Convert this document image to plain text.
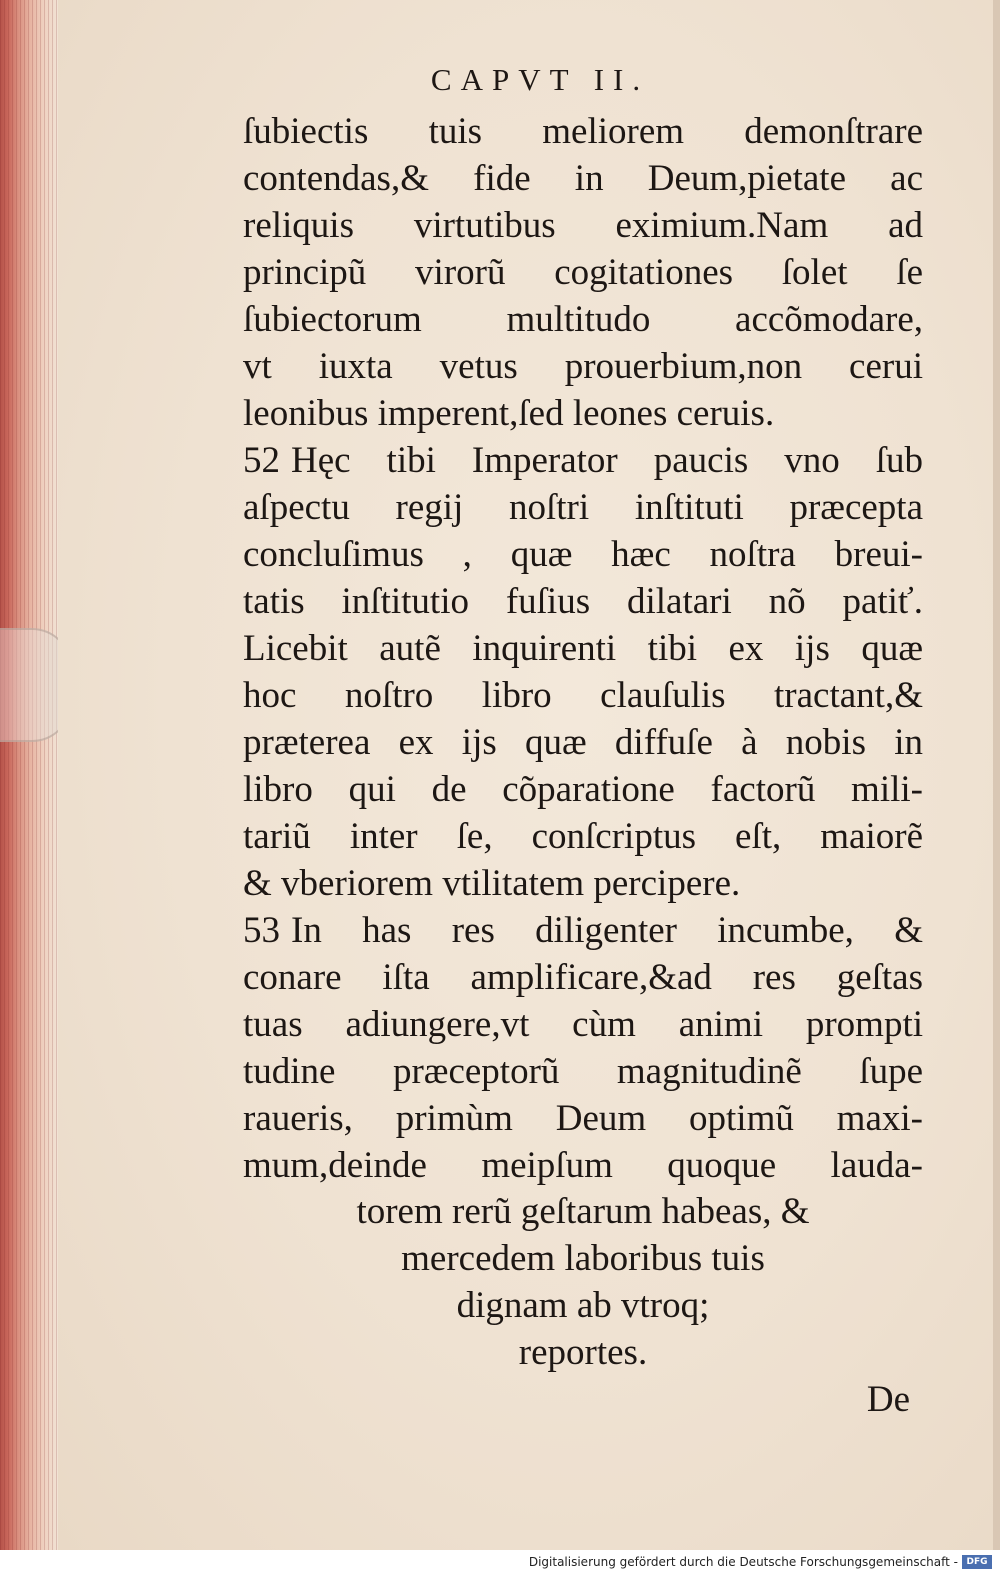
CAPVT II.
ſubiectis tuis meliorem demonſtrare
contendas,& fide in Deum,pietate ac
reliquis virtutibus eximium.Nam ad
principũ virorũ cogitationes ſolet ſe
ſubiectorum multitudo accõmodare,
vt iuxta vetus prouerbium,non cerui
leonibus imperent,ſed leones ceruis.
52 Hęc tibi Imperator paucis vno ſub
aſpectu regij noſtri inſtituti præcepta
concluſimus , quæ hæc noſtra breui-
tatis inſtitutio fuſius dilatari nõ patiť.
Licebit autẽ inquirenti tibi ex ijs quæ
hoc noſtro libro clauſulis tractant,&
præterea ex ijs quæ diffuſe à nobis in
libro qui de cõparatione factorũ mili-
tariũ inter ſe, conſcriptus eſt, maiorẽ
& vberiorem vtilitatem percipere.
53 In has res diligenter incumbe, &
conare iſta amplificare,&ad res geſtas
tuas adiungere,vt cùm animi prompti
tudine præceptorũ magnitudinẽ ſupe
raueris, primùm Deum optimũ maxi-
mum,deinde meipſum quoque lauda-
torem rerũ geſtarum habeas, &
mercedem laboribus tuis
dignam ab vtroq;
reportes.
De
Digitalisierung gefördert durch die Deutsche Forschungsgemeinschaft - DFG
